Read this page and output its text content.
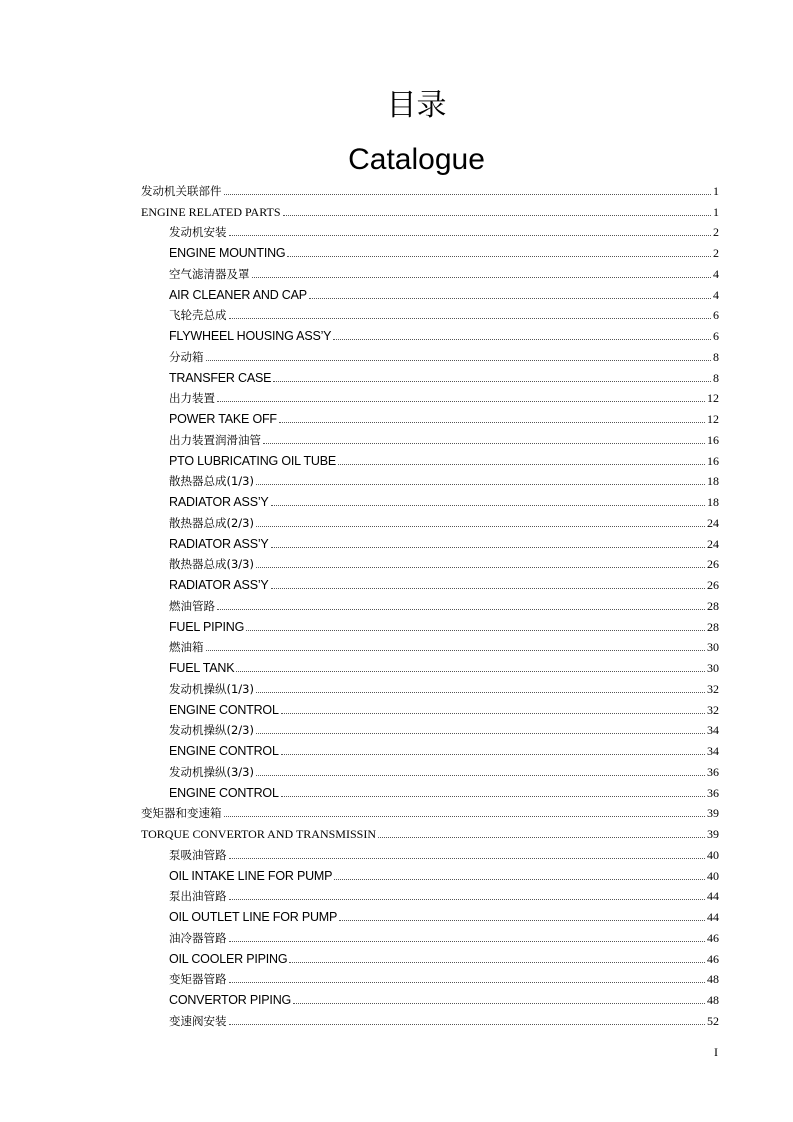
目录
Catalogue
发动机关联部件	1
ENGINE RELATED PARTS	1
发动机安装	2
ENGINE MOUNTING	2
空气滤清器及罩	4
AIR CLEANER AND CAP	4
飞轮壳总成	6
FLYWHEEL HOUSING ASS’Y	6
分动箱	8
TRANSFER CASE	8
出力装置	12
POWER TAKE OFF	12
出力装置润滑油管	16
PTO LUBRICATING OIL TUBE	16
散热器总成(1/3)	18
RADIATOR ASS’Y	18
散热器总成(2/3)	24
RADIATOR ASS’Y	24
散热器总成(3/3)	26
RADIATOR ASS’Y	26
燃油管路	28
FUEL PIPING	28
燃油箱	30
FUEL TANK	30
发动机操纵(1/3)	32
ENGINE CONTROL	32
发动机操纵(2/3)	34
ENGINE CONTROL	34
发动机操纵(3/3)	36
ENGINE CONTROL	36
变矩器和变速箱	39
TORQUE CONVERTOR AND TRANSMISSIN	39
泵吸油管路	40
OIL INTAKE LINE FOR PUMP	40
泵出油管路	44
OIL OUTLET LINE FOR PUMP	44
油冷器管路	46
OIL COOLER PIPING	46
变矩器管路	48
CONVERTOR PIPING	48
变速阀安装	52
I
